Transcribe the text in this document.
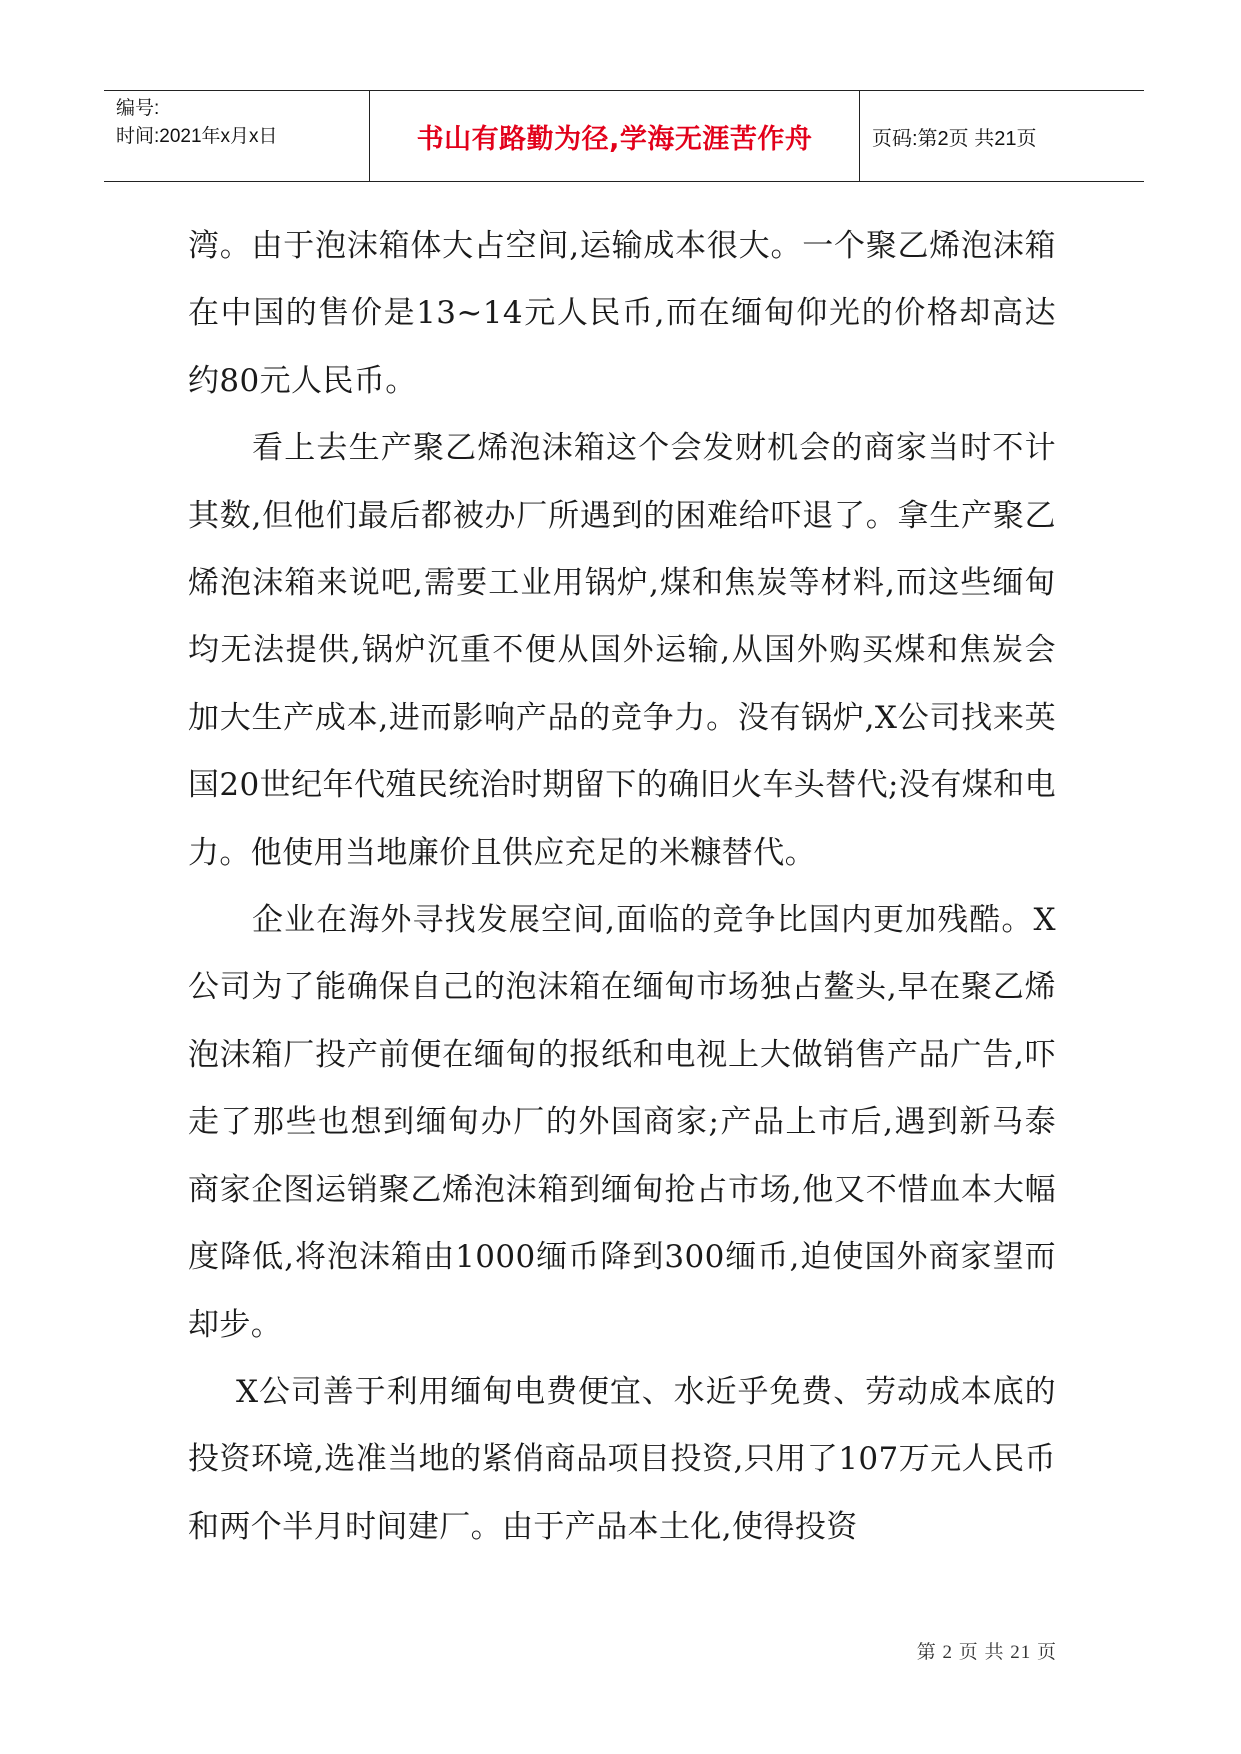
编号:
时间:2021年x月x日	书山有路勤为径,学海无涯苦作舟	页码:第2页 共21页

湾。由于泡沫箱体大占空间,运输成本很大。一个聚乙烯泡沫箱在中国的售价是13~14元人民币,而在缅甸仰光的价格却高达约80元人民币。

看上去生产聚乙烯泡沫箱这个会发财机会的商家当时不计其数,但他们最后都被办厂所遇到的困难给吓退了。拿生产聚乙烯泡沫箱来说吧,需要工业用锅炉,煤和焦炭等材料,而这些缅甸均无法提供,锅炉沉重不便从国外运输,从国外购买煤和焦炭会加大生产成本,进而影响产品的竞争力。没有锅炉,X公司找来英国20世纪年代殖民统治时期留下的确旧火车头替代;没有煤和电力。他使用当地廉价且供应充足的米糠替代。

企业在海外寻找发展空间,面临的竞争比国内更加残酷。X公司为了能确保自己的泡沫箱在缅甸市场独占鳌头,早在聚乙烯泡沫箱厂投产前便在缅甸的报纸和电视上大做销售产品广告,吓走了那些也想到缅甸办厂的外国商家;产品上市后,遇到新马泰商家企图运销聚乙烯泡沫箱到缅甸抢占市场,他又不惜血本大幅度降低,将泡沫箱由1000缅币降到300缅币,迫使国外商家望而却步。

X公司善于利用缅甸电费便宜、水近乎免费、劳动成本底的投资环境,选准当地的紧俏商品项目投资,只用了107万元人民币和两个半月时间建厂。由于产品本土化,使得投资

第 2 页 共 21 页
